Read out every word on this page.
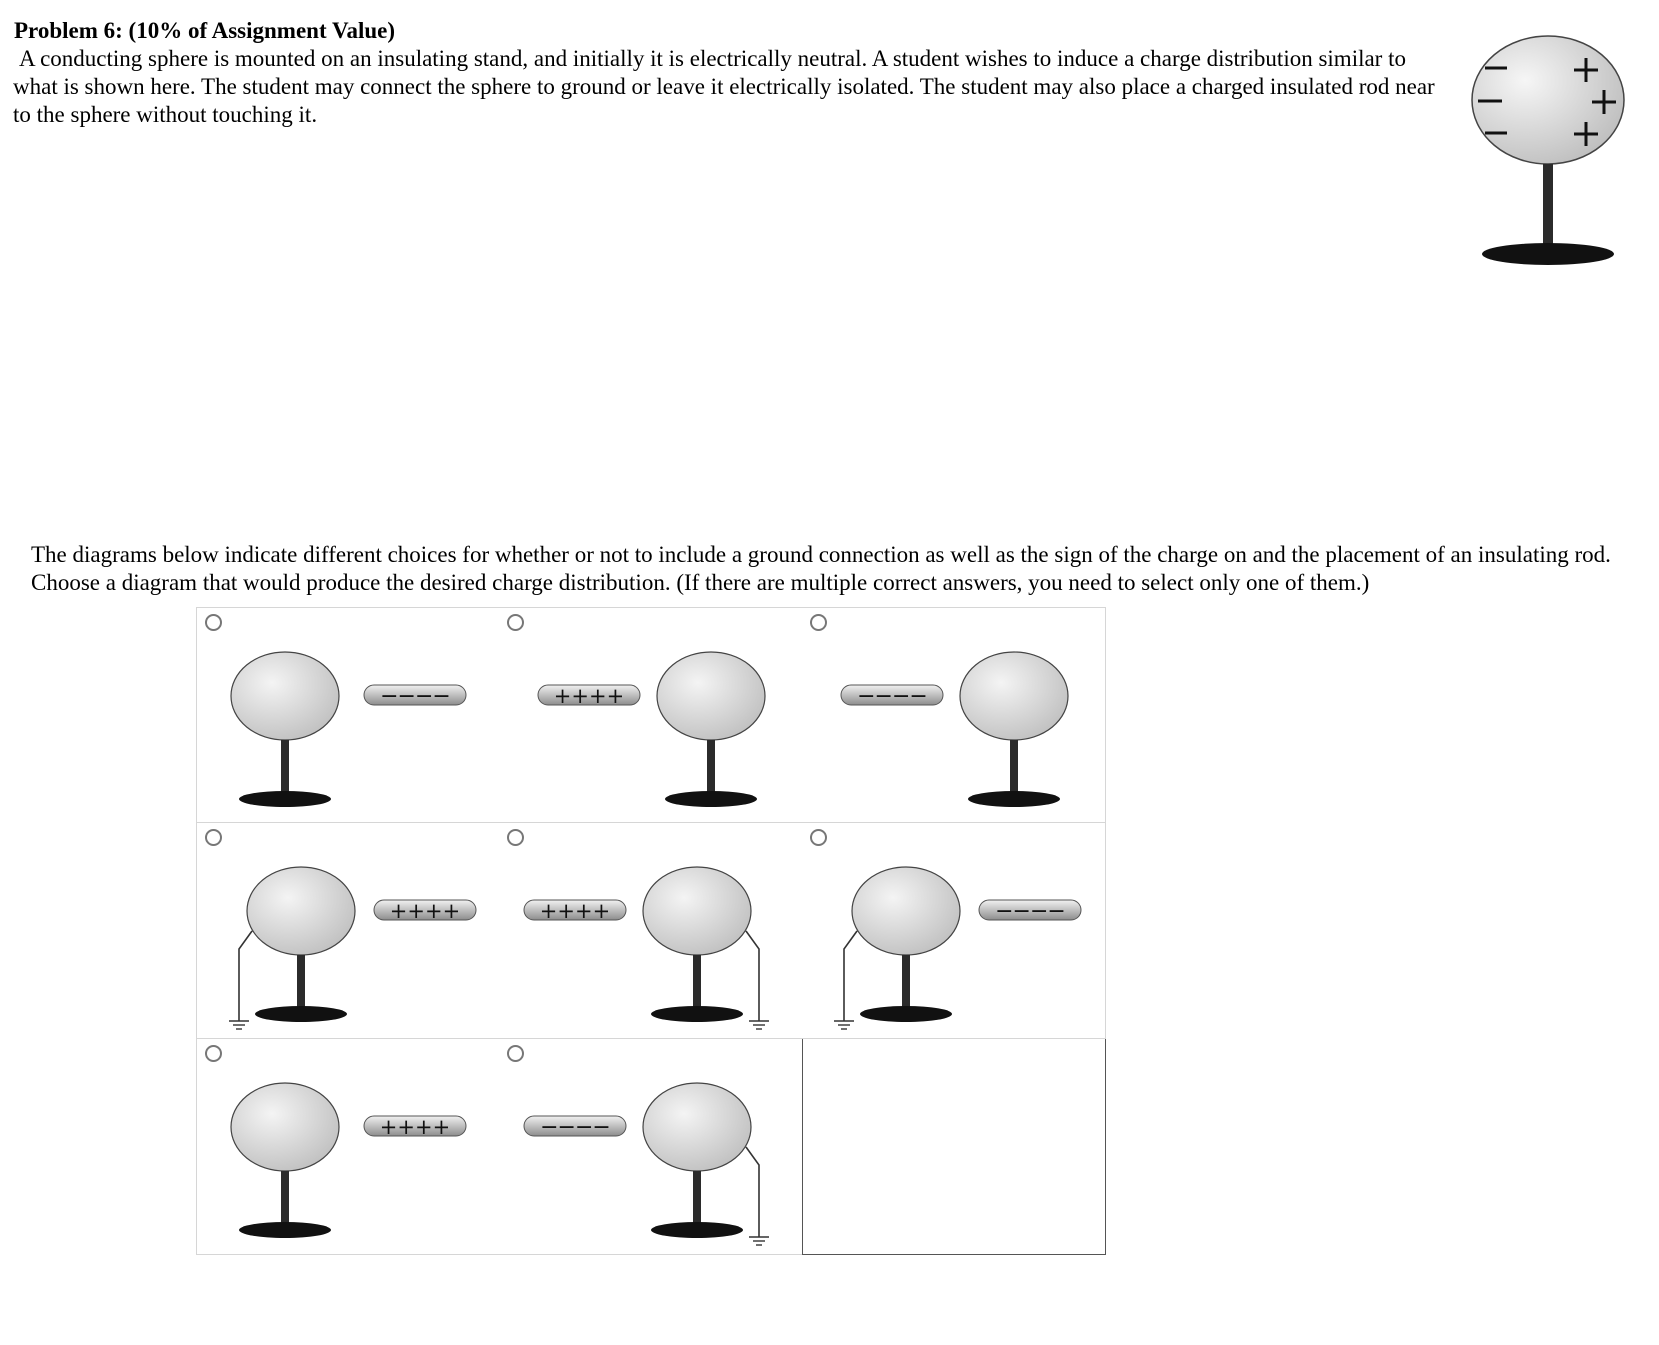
Problem 6: (10% of Assignment Value)

A conducting sphere is mounted on an insulating stand, and initially it is electrically neutral. A student wishes to induce a charge distribution similar to what is shown here. The student may connect the sphere to ground or leave it electrically isolated. The student may also place a charged insulated rod near to the sphere without touching it.

The diagrams below indicate different choices for whether or not to include a ground connection as well as the sign of the charge on and the placement of an insulating rod. Choose a diagram that would produce the desired charge distribution. (If there are multiple correct answers, you need to select only one of them.)

−−−−	++++	−−−−
++++	++++	−−−−
++++	−−−−
